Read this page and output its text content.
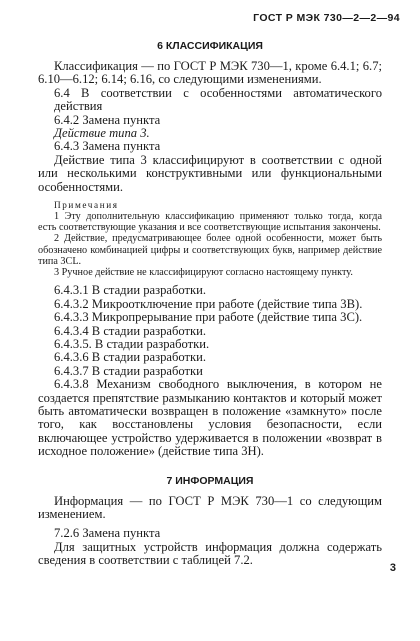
ГОСТ Р МЭК 730—2—2—94
6 КЛАССИФИКАЦИЯ

Классификация — по ГОСТ Р МЭК 730—1, кроме 6.4.1; 6.7; 6.10—6.12; 6.14; 6.16, со следующими изменениями.

6.4 В соответствии с особенностями автоматического действия

6.4.2 Замена пункта

Действие типа 3.

6.4.3 Замена пункта

Действие типа 3 классифицируют в соответствии с одной или несколькими конструктивными или функциональными особенностями.

Примечания

1 Эту дополнительную классификацию применяют только тогда, когда есть соответствующие указания и все соответствующие испытания закончены.

2 Действие, предусматривающее более одной особенности, может быть обозначено комбинацией цифры и соответствующих букв, например действие типа 3CL.

3 Ручное действие не классифицируют согласно настоящему пункту.

6.4.3.1 В стадии разработки.

6.4.3.2 Микроотключение при работе (действие типа 3В).

6.4.3.3 Микропрерывание при работе (действие типа 3С).

6.4.3.4 В стадии разработки.

6.4.3.5. В стадии разработки.

6.4.3.6 В стадии разработки.

6.4.3.7 В стадии разработки

6.4.3.8 Механизм свободного выключения, в котором не создается препятствие размыканию контактов и который может быть автоматически возвращен в положение «замкнуто» после того, как восстановлены условия безопасности, если включающее устройство удерживается в положении «возврат в исходное положение» (действие типа 3Н).

7 ИНФОРМАЦИЯ

Информация — по ГОСТ Р МЭК 730—1 со следующим изменением.

7.2.6 Замена пункта

Для защитных устройств информация должна содержать сведения в соответствии с таблицей 7.2.

3
